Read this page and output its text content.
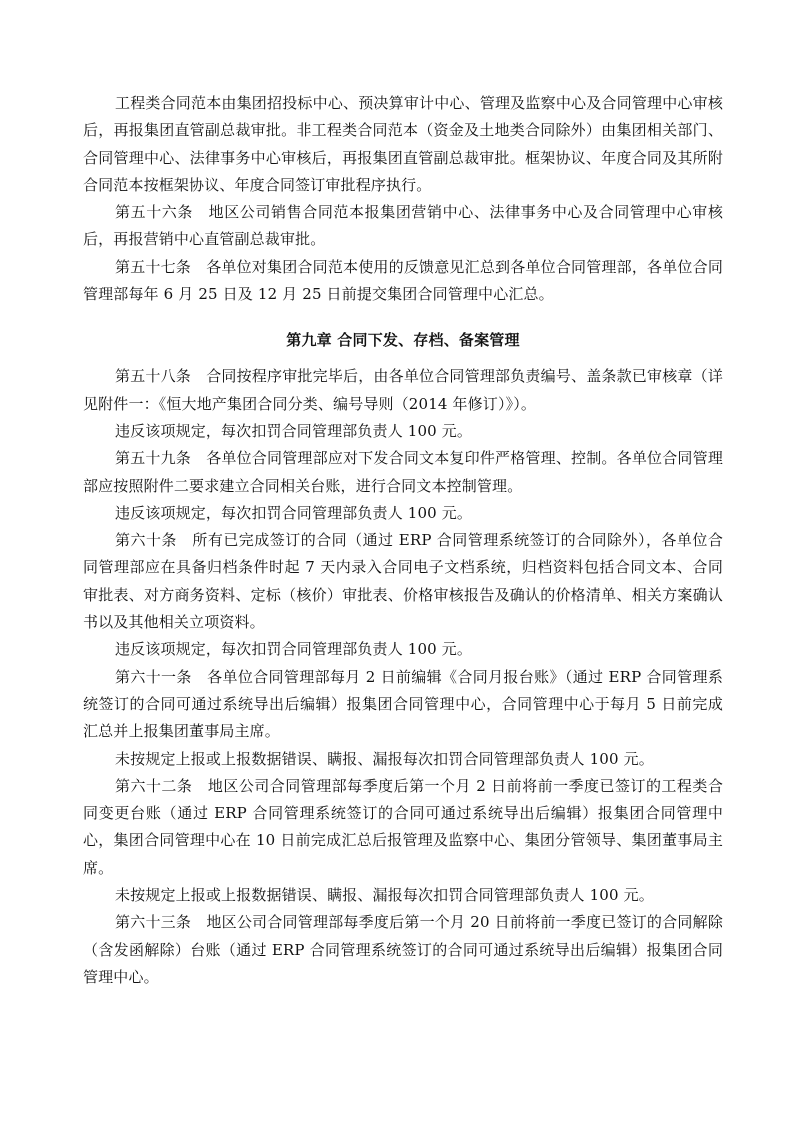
工程类合同范本由集团招投标中心、预决算审计中心、管理及监察中心及合同管理中心审核后，再报集团直管副总裁审批。非工程类合同范本（资金及土地类合同除外）由集团相关部门、合同管理中心、法律事务中心审核后，再报集团直管副总裁审批。框架协议、年度合同及其所附合同范本按框架协议、年度合同签订审批程序执行。

第五十六条　地区公司销售合同范本报集团营销中心、法律事务中心及合同管理中心审核后，再报营销中心直管副总裁审批。

第五十七条　各单位对集团合同范本使用的反馈意见汇总到各单位合同管理部，各单位合同管理部每年 6 月 25 日及 12 月 25 日前提交集团合同管理中心汇总。

第九章 合同下发、存档、备案管理

第五十八条　合同按程序审批完毕后，由各单位合同管理部负责编号、盖条款已审核章（详见附件一：《恒大地产集团合同分类、编号导则（2014 年修订）》）。

违反该项规定，每次扣罚合同管理部负责人 100 元。

第五十九条　各单位合同管理部应对下发合同文本复印件严格管理、控制。各单位合同管理部应按照附件二要求建立合同相关台账，进行合同文本控制管理。

违反该项规定，每次扣罚合同管理部负责人 100 元。

第六十条　所有已完成签订的合同（通过 ERP 合同管理系统签订的合同除外），各单位合同管理部应在具备归档条件时起 7 天内录入合同电子文档系统，归档资料包括合同文本、合同审批表、对方商务资料、定标（核价）审批表、价格审核报告及确认的价格清单、相关方案确认书以及其他相关立项资料。

违反该项规定，每次扣罚合同管理部负责人 100 元。

第六十一条　各单位合同管理部每月 2 日前编辑《合同月报台账》（通过 ERP 合同管理系统签订的合同可通过系统导出后编辑）报集团合同管理中心，合同管理中心于每月 5 日前完成汇总并上报集团董事局主席。

未按规定上报或上报数据错误、瞒报、漏报每次扣罚合同管理部负责人 100 元。

第六十二条　地区公司合同管理部每季度后第一个月 2 日前将前一季度已签订的工程类合同变更台账（通过 ERP 合同管理系统签订的合同可通过系统导出后编辑）报集团合同管理中心，集团合同管理中心在 10 日前完成汇总后报管理及监察中心、集团分管领导、集团董事局主席。

未按规定上报或上报数据错误、瞒报、漏报每次扣罚合同管理部负责人 100 元。

第六十三条　地区公司合同管理部每季度后第一个月 20 日前将前一季度已签订的合同解除（含发函解除）台账（通过 ERP 合同管理系统签订的合同可通过系统导出后编辑）报集团合同管理中心。
